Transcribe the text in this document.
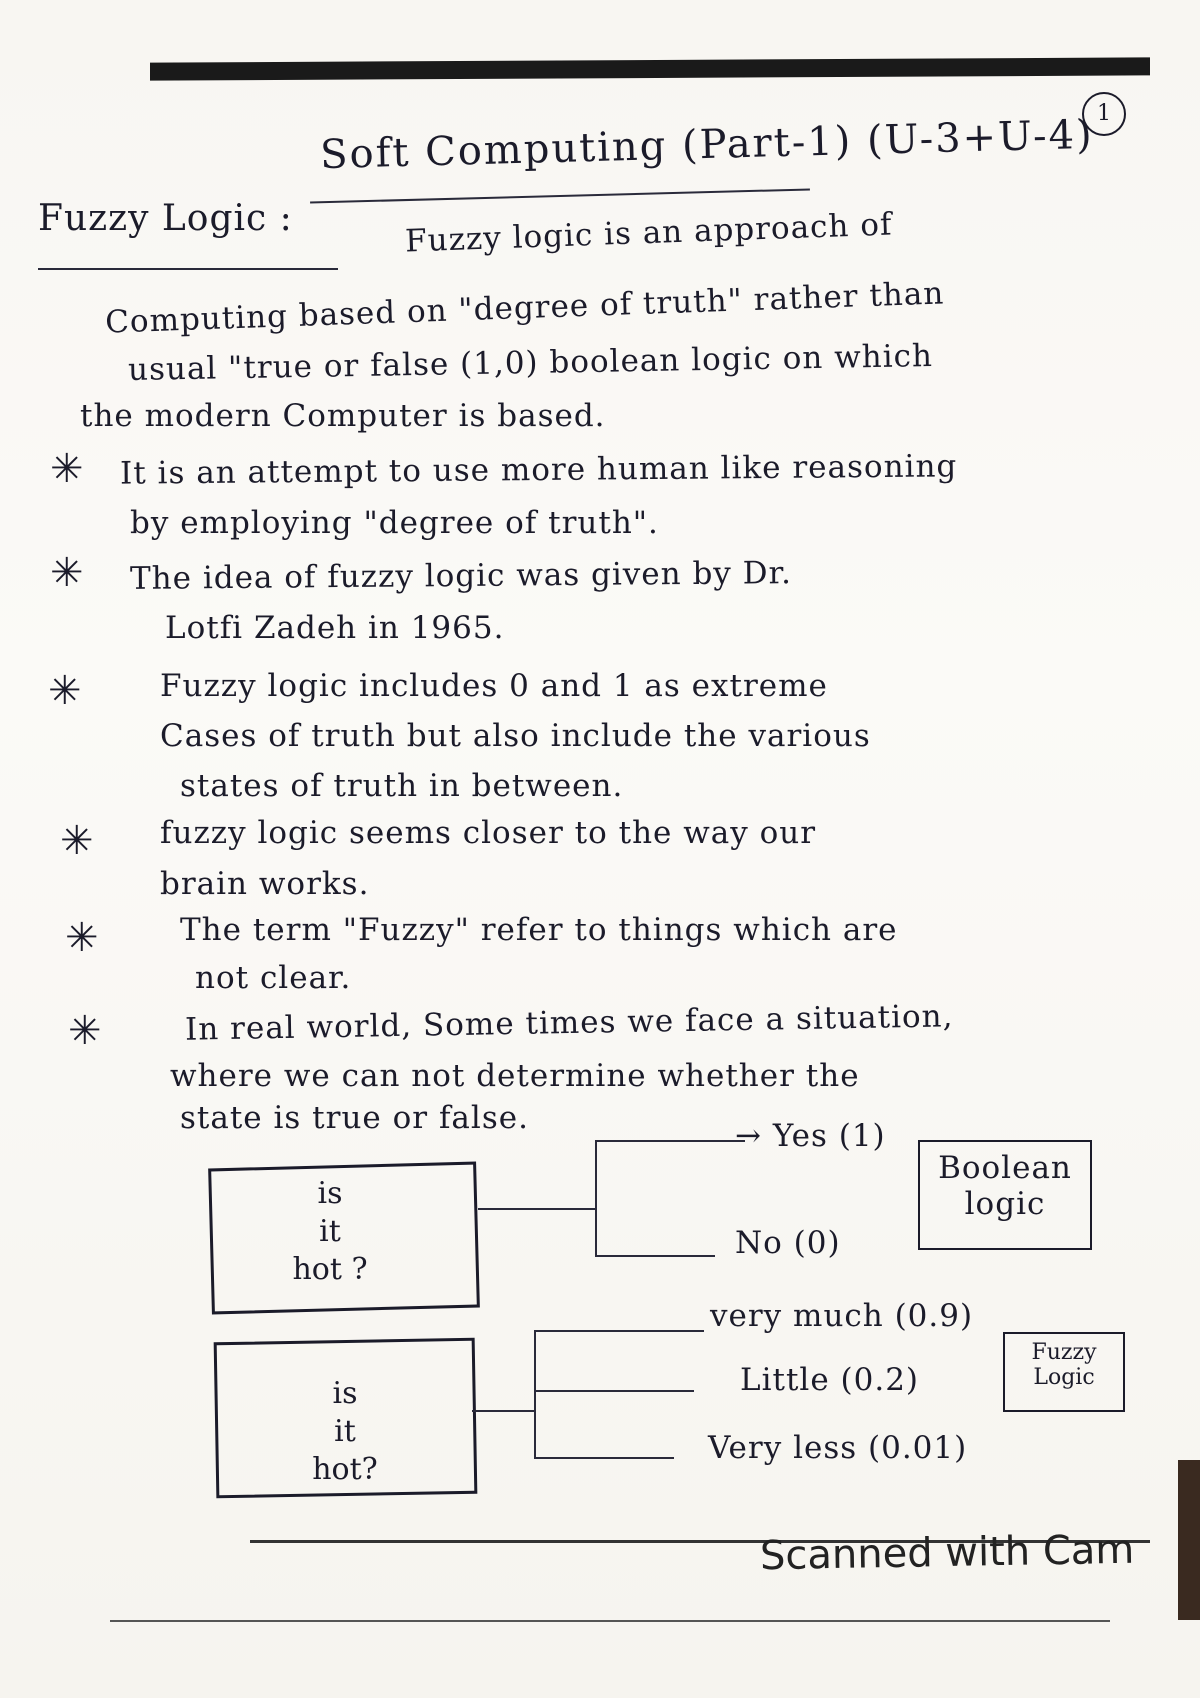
Soft Computing (Part-1) (U-3+U-4) 1
Fuzzy Logic :	Fuzzy logic is an approach of
Computing based on "degree of truth" rather than
usual "true or false (1,0) boolean logic on which
the modern Computer is based.
✳ It is an attempt to use more human like reasoning
by employing "degree of truth".
✳ The idea of fuzzy logic was given by Dr.
Lotfi Zadeh in 1965.
✳	Fuzzy logic includes 0 and 1 as extreme
Cases of truth but also include the various
states of truth in between.
✳ fuzzy logic seems closer to the way our
brain works.
✳	The term "Fuzzy" refer to things which are
not clear.
✳	In real world, Some times we face a situation,
where we can not determine whether the
state is true or false.
is
it
hot ?
→ Yes (1)
No (0)
Boolean
logic
is
it
hot?
very much (0.9)
Little (0.2)
Very less (0.01)
Fuzzy
Logic
Scanned with Cam
